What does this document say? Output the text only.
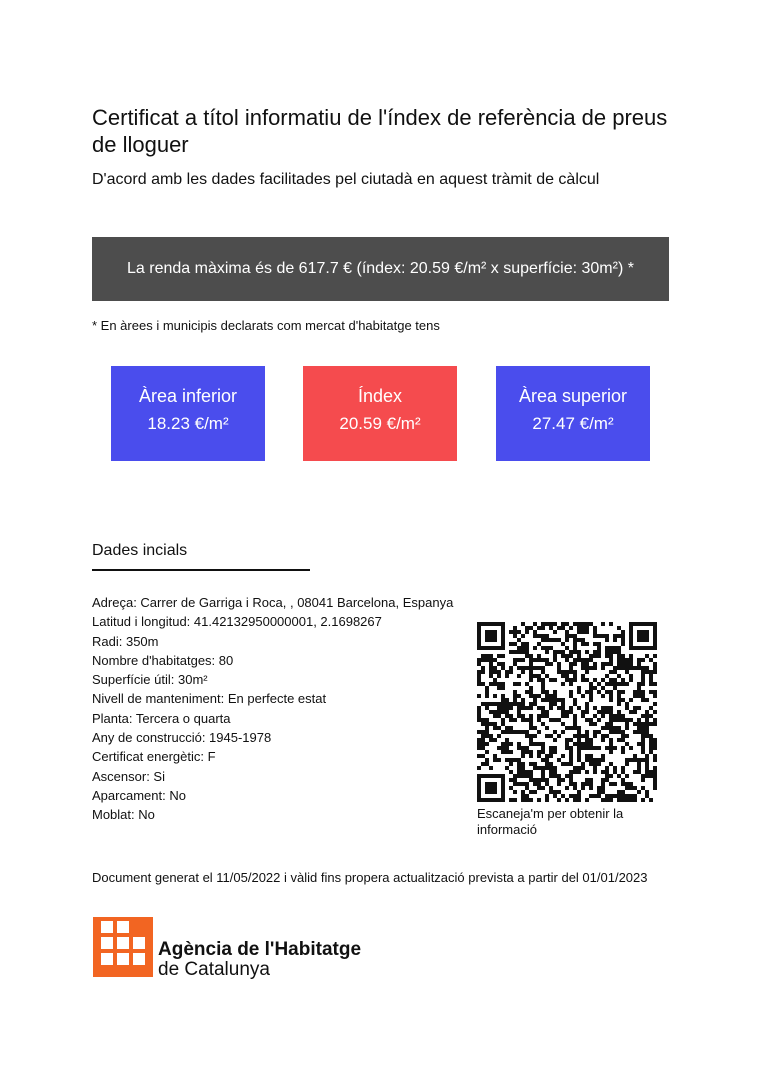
Certificat a títol informatiu de l'índex de referència de preus de lloguer
D'acord amb les dades facilitades pel ciutadà en aquest tràmit de càlcul
La renda màxima és de 617.7 € (índex: 20.59 €/m² x superfície: 30m²) *
* En àrees i municipis declarats com mercat d'habitatge tens
Àrea inferior
18.23 €/m²
Índex
20.59 €/m²
Àrea superior
27.47 €/m²
Dades incials
Adreça: Carrer de Garriga i Roca, , 08041 Barcelona, Espanya
Latitud i longitud: 41.42132950000001, 2.1698267
Radi: 350m
Nombre d'habitatges: 80
Superfície útil: 30m²
Nivell de manteniment: En perfecte estat
Planta: Tercera o quarta
Any de construcció: 1945-1978
Certificat energètic: F
Ascensor: Si
Aparcament: No
Moblat: No	Escaneja'm per obtenir la informació
Document generat el 11/05/2022 i vàlid fins propera actualització prevista a partir del 01/01/2023
Agència de l'Habitatge
de Catalunya
